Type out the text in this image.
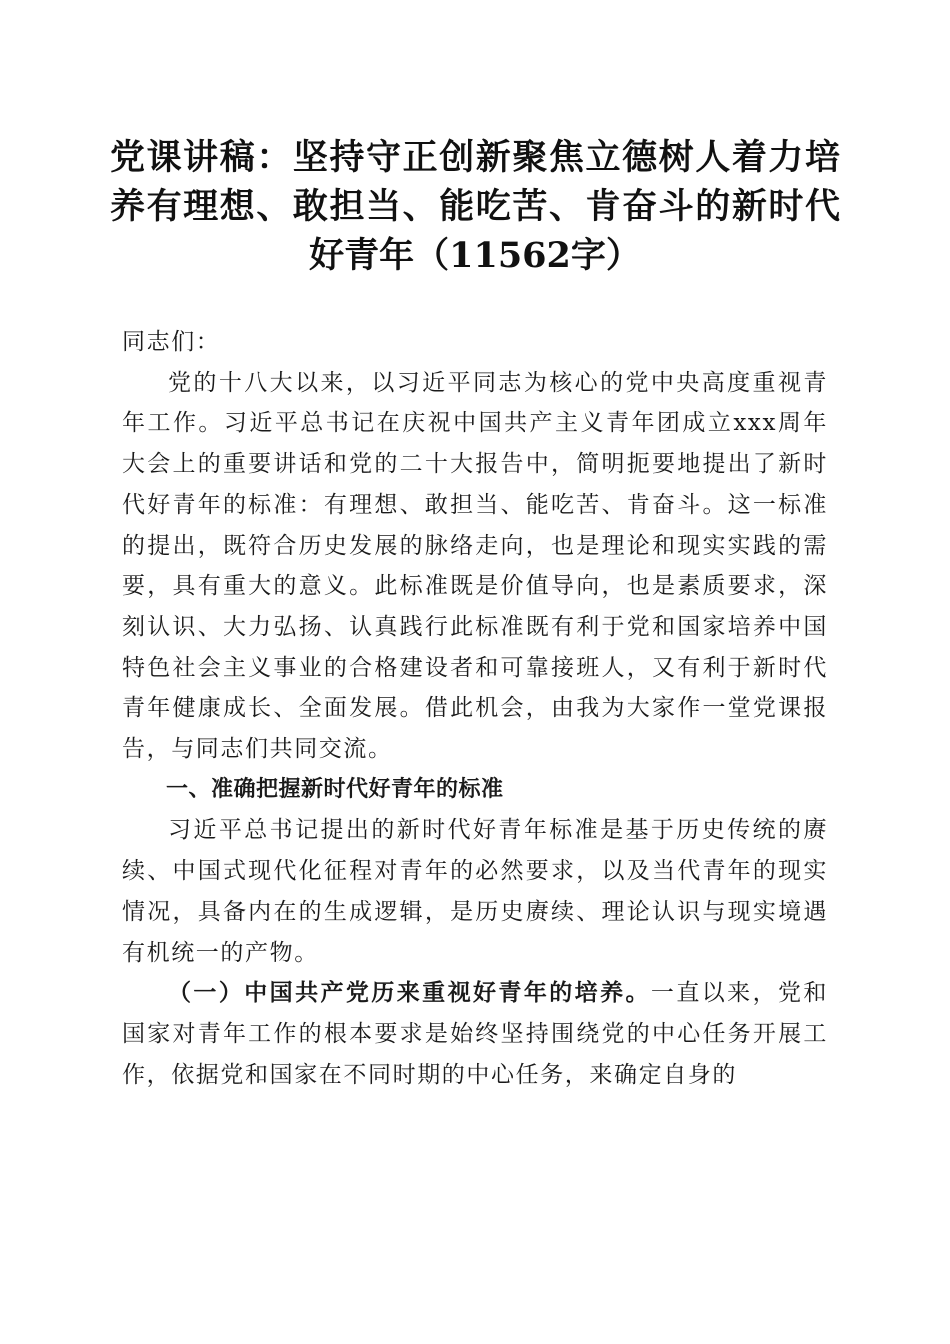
党课讲稿：坚持守正创新聚焦立德树人着力培
养有理想、敢担当、能吃苦、肯奋斗的新时代
好青年（11562字）

同志们：

党的十八大以来，以习近平同志为核心的党中央高度重视青年工作。习近平总书记在庆祝中国共产主义青年团成立xxx周年大会上的重要讲话和党的二十大报告中，简明扼要地提出了新时代好青年的标准：有理想、敢担当、能吃苦、肯奋斗。这一标准的提出，既符合历史发展的脉络走向，也是理论和现实实践的需要，具有重大的意义。此标准既是价值导向，也是素质要求，深刻认识、大力弘扬、认真践行此标准既有利于党和国家培养中国特色社会主义事业的合格建设者和可靠接班人，又有利于新时代青年健康成长、全面发展。借此机会，由我为大家作一堂党课报告，与同志们共同交流。

一、准确把握新时代好青年的标准

习近平总书记提出的新时代好青年标准是基于历史传统的赓续、中国式现代化征程对青年的必然要求，以及当代青年的现实情况，具备内在的生成逻辑，是历史赓续、理论认识与现实境遇有机统一的产物。

（一）中国共产党历来重视好青年的培养。一直以来，党和国家对青年工作的根本要求是始终坚持围绕党的中心任务开展工作，依据党和国家在不同时期的中心任务，来确定自身的
